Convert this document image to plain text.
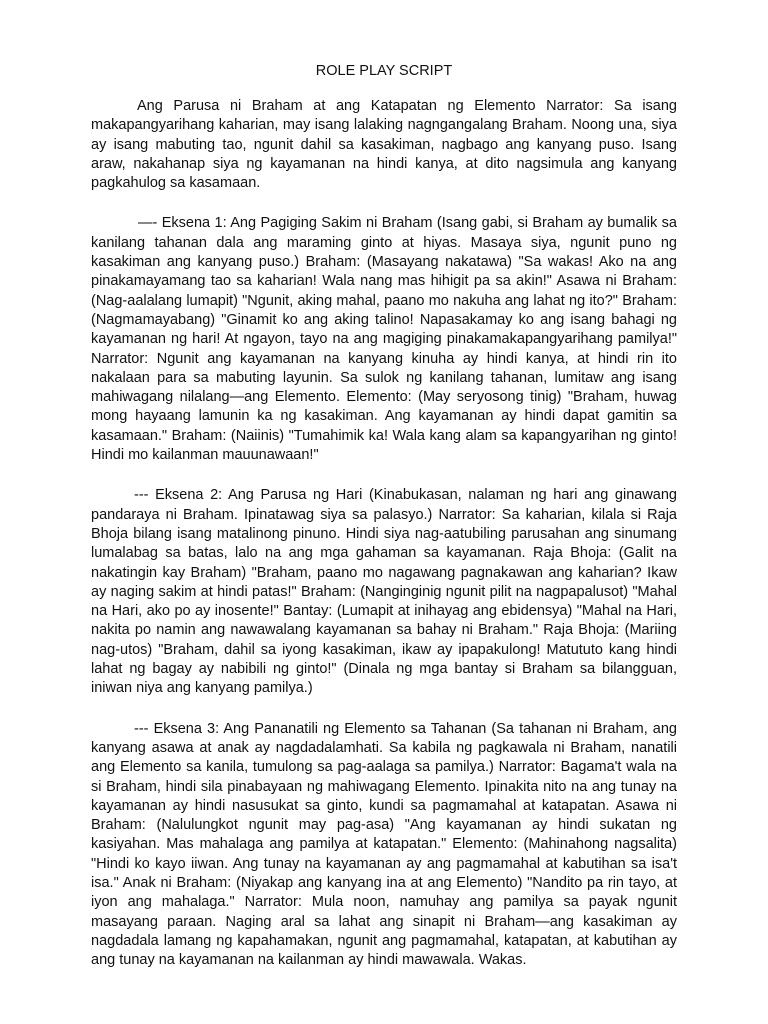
ROLE PLAY SCRIPT

Ang Parusa ni Braham at ang Katapatan ng Elemento Narrator: Sa isang makapangyarihang kaharian, may isang lalaking nagngangalang Braham. Noong una, siya ay isang mabuting tao, ngunit dahil sa kasakiman, nagbago ang kanyang puso. Isang araw, nakahanap siya ng kayamanan na hindi kanya, at dito nagsimula ang kanyang pagkahulog sa kasamaan.

—- Eksena 1: Ang Pagiging Sakim ni Braham (Isang gabi, si Braham ay bumalik sa kanilang tahanan dala ang maraming ginto at hiyas. Masaya siya, ngunit puno ng kasakiman ang kanyang puso.) Braham: (Masayang nakatawa) "Sa wakas! Ako na ang pinakamayamang tao sa kaharian! Wala nang mas hihigit pa sa akin!" Asawa ni Braham: (Nag-aalalang lumapit) "Ngunit, aking mahal, paano mo nakuha ang lahat ng ito?" Braham: (Nagmamayabang) "Ginamit ko ang aking talino! Napasakamay ko ang isang bahagi ng kayamanan ng hari! At ngayon, tayo na ang magiging pinakamakapangyarihang pamilya!" Narrator: Ngunit ang kayamanan na kanyang kinuha ay hindi kanya, at hindi rin ito nakalaan para sa mabuting layunin. Sa sulok ng kanilang tahanan, lumitaw ang isang mahiwagang nilalang—ang Elemento. Elemento: (May seryosong tinig) "Braham, huwag mong hayaang lamunin ka ng kasakiman. Ang kayamanan ay hindi dapat gamitin sa kasamaan." Braham: (Naiinis) "Tumahimik ka! Wala kang alam sa kapangyarihan ng ginto! Hindi mo kailanman mauunawaan!"

--- Eksena 2: Ang Parusa ng Hari (Kinabukasan, nalaman ng hari ang ginawang pandaraya ni Braham. Ipinatawag siya sa palasyo.) Narrator: Sa kaharian, kilala si Raja Bhoja bilang isang matalinong pinuno. Hindi siya nag-aatubiling parusahan ang sinumang lumalabag sa batas, lalo na ang mga gahaman sa kayamanan. Raja Bhoja: (Galit na nakatingin kay Braham) "Braham, paano mo nagawang pagnakawan ang kaharian? Ikaw ay naging sakim at hindi patas!" Braham: (Nanginginig ngunit pilit na nagpapalusot) "Mahal na Hari, ako po ay inosente!" Bantay: (Lumapit at inihayag ang ebidensya) "Mahal na Hari, nakita po namin ang nawawalang kayamanan sa bahay ni Braham." Raja Bhoja: (Mariing nag-utos) "Braham, dahil sa iyong kasakiman, ikaw ay ipapakulong! Matututo kang hindi lahat ng bagay ay nabibili ng ginto!" (Dinala ng mga bantay si Braham sa bilangguan, iniwan niya ang kanyang pamilya.)

--- Eksena 3: Ang Pananatili ng Elemento sa Tahanan (Sa tahanan ni Braham, ang kanyang asawa at anak ay nagdadalamhati. Sa kabila ng pagkawala ni Braham, nanatili ang Elemento sa kanila, tumulong sa pag-aalaga sa pamilya.) Narrator: Bagama't wala na si Braham, hindi sila pinabayaan ng mahiwagang Elemento. Ipinakita nito na ang tunay na kayamanan ay hindi nasusukat sa ginto, kundi sa pagmamahal at katapatan. Asawa ni Braham: (Nalulungkot ngunit may pag-asa) "Ang kayamanan ay hindi sukatan ng kasiyahan. Mas mahalaga ang pamilya at katapatan." Elemento: (Mahinahong nagsalita) "Hindi ko kayo iiwan. Ang tunay na kayamanan ay ang pagmamahal at kabutihan sa isa't isa." Anak ni Braham: (Niyakap ang kanyang ina at ang Elemento) "Nandito pa rin tayo, at iyon ang mahalaga." Narrator: Mula noon, namuhay ang pamilya sa payak ngunit masayang paraan. Naging aral sa lahat ang sinapit ni Braham—ang kasakiman ay nagdadala lamang ng kapahamakan, ngunit ang pagmamahal, katapatan, at kabutihan ay ang tunay na kayamanan na kailanman ay hindi mawawala. Wakas.
